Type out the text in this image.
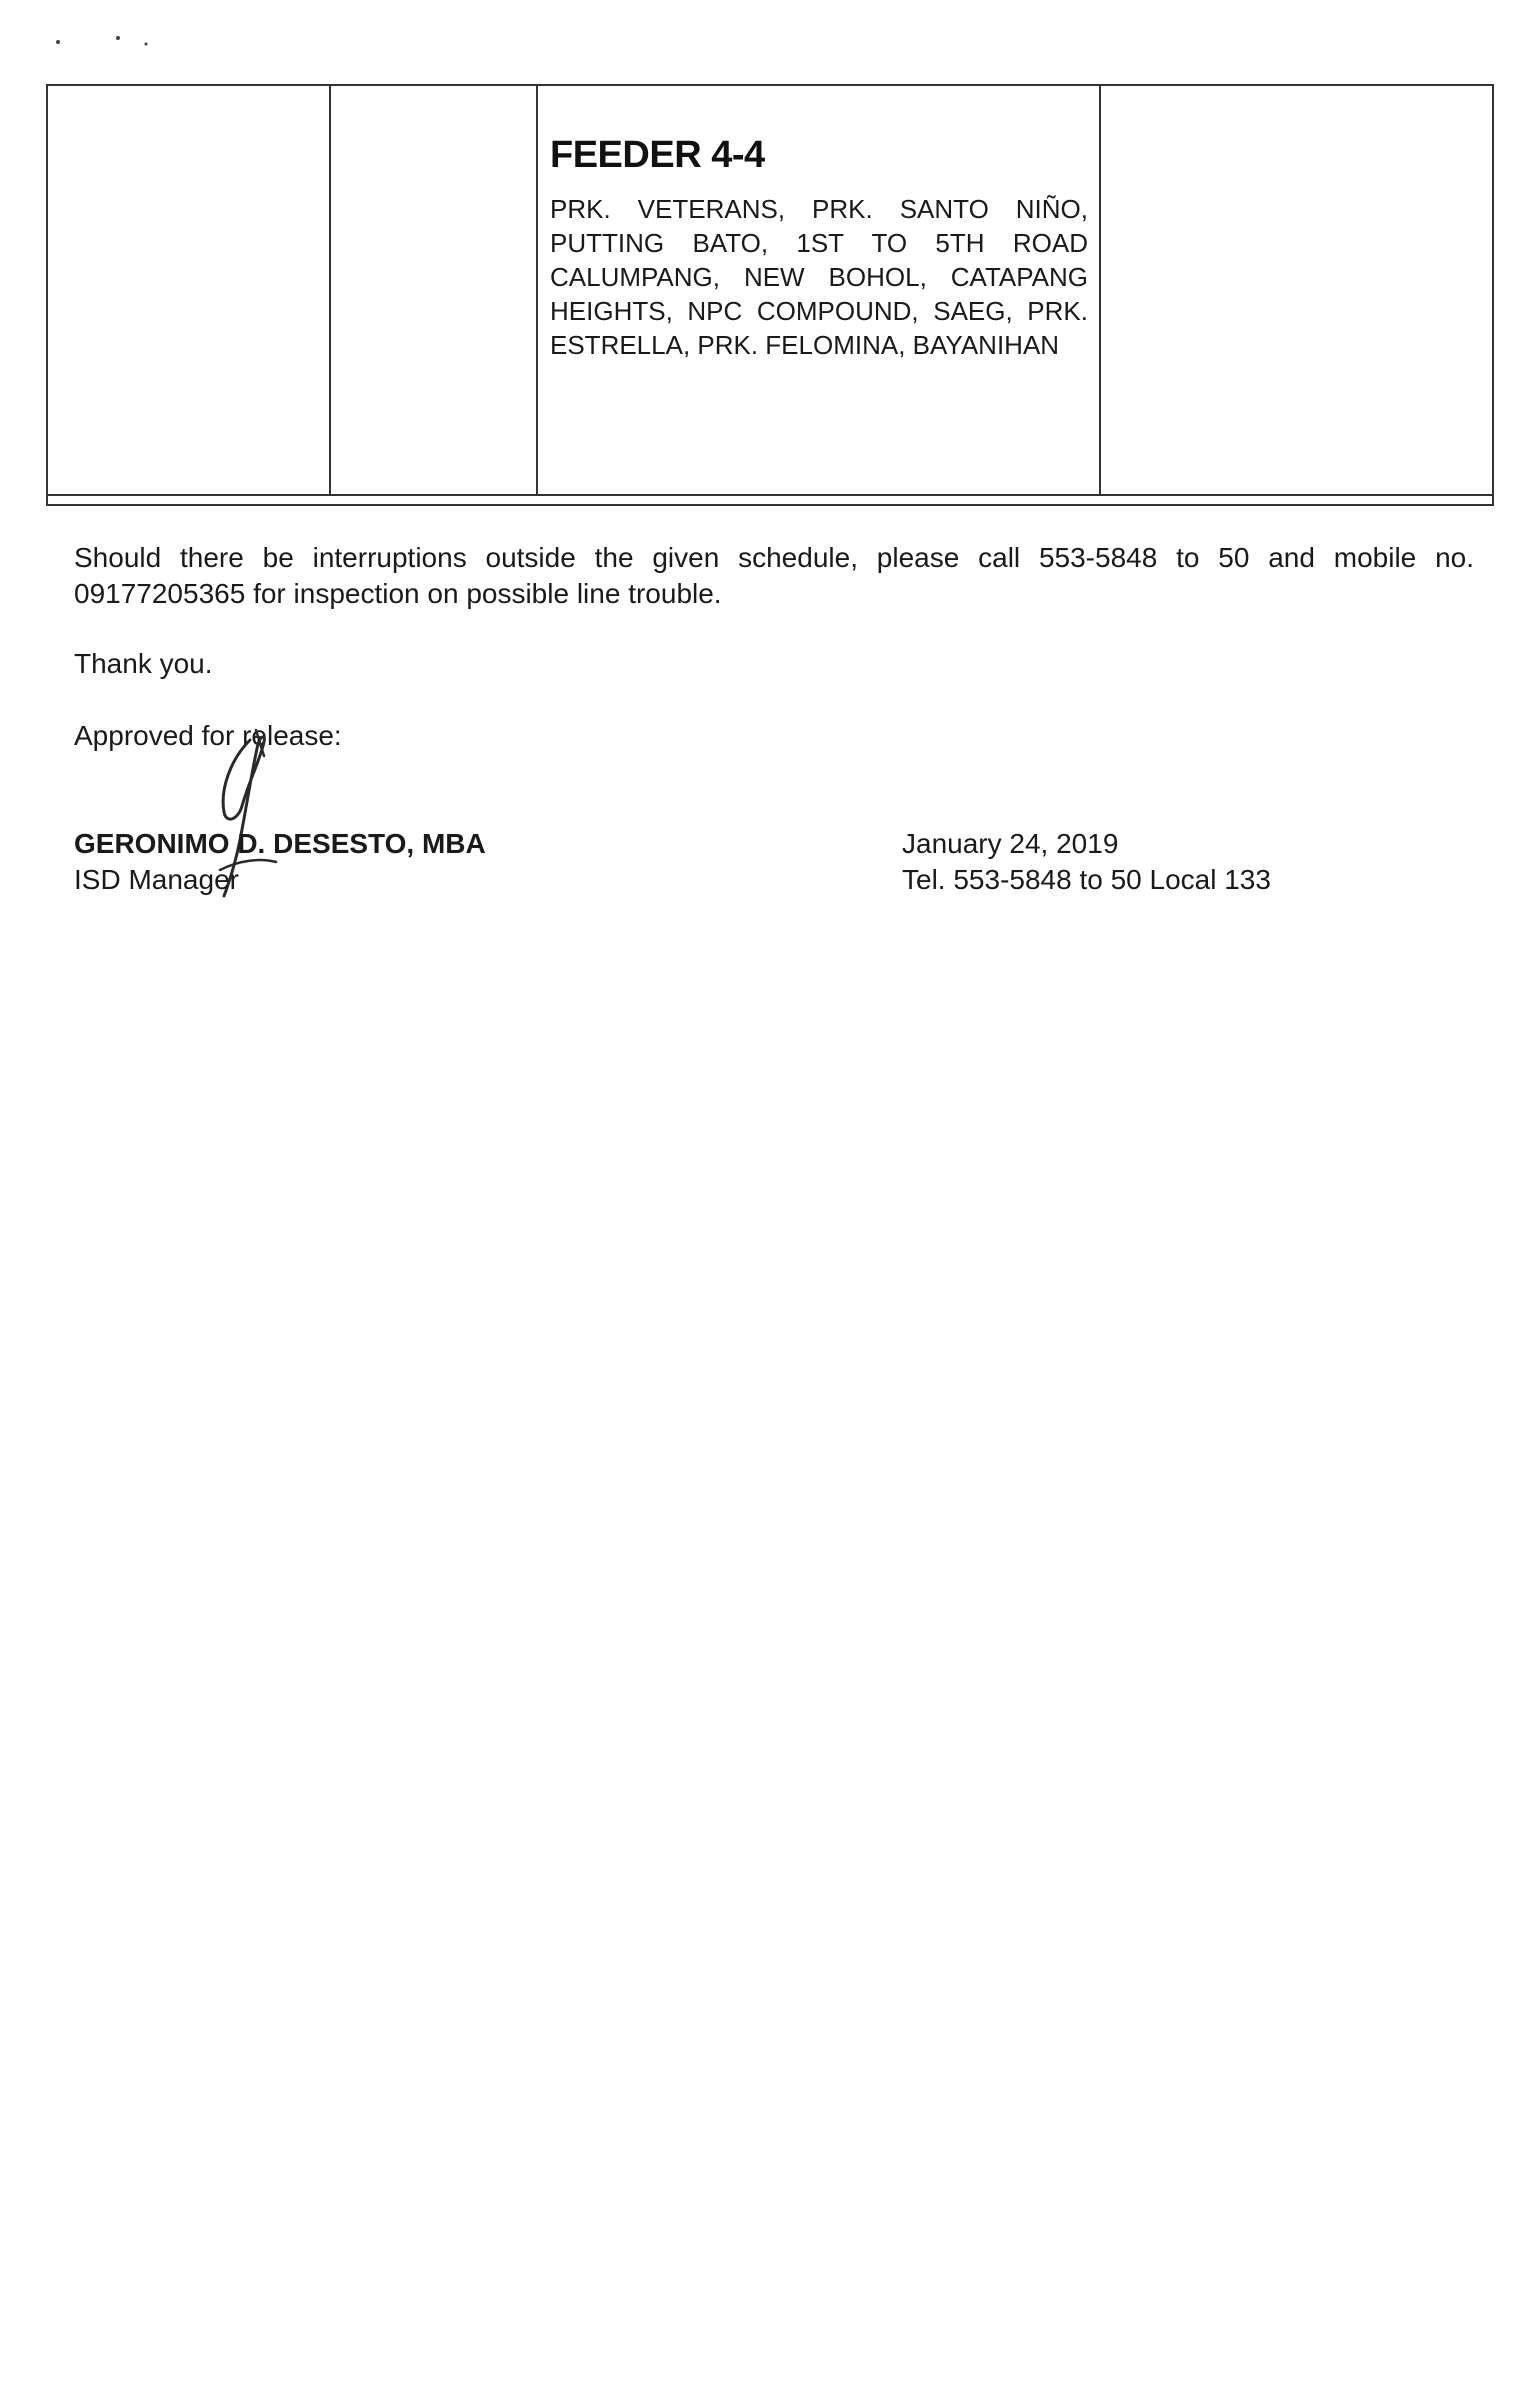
FEEDER 4-4
PRK. VETERANS, PRK. SANTO NIÑO, PUTTING BATO, 1ST TO 5TH ROAD CALUMPANG, NEW BOHOL, CATAPANG HEIGHTS, NPC COMPOUND, SAEG, PRK. ESTRELLA, PRK. FELOMINA, BAYANIHAN
Should there be interruptions outside the given schedule, please call 553-5848 to 50 and mobile no. 09177205365 for inspection on possible line trouble.
Thank you.
Approved for release:
GERONIMO D. DESESTO, MBA
ISD Manager
January 24, 2019
Tel. 553-5848 to 50 Local 133
